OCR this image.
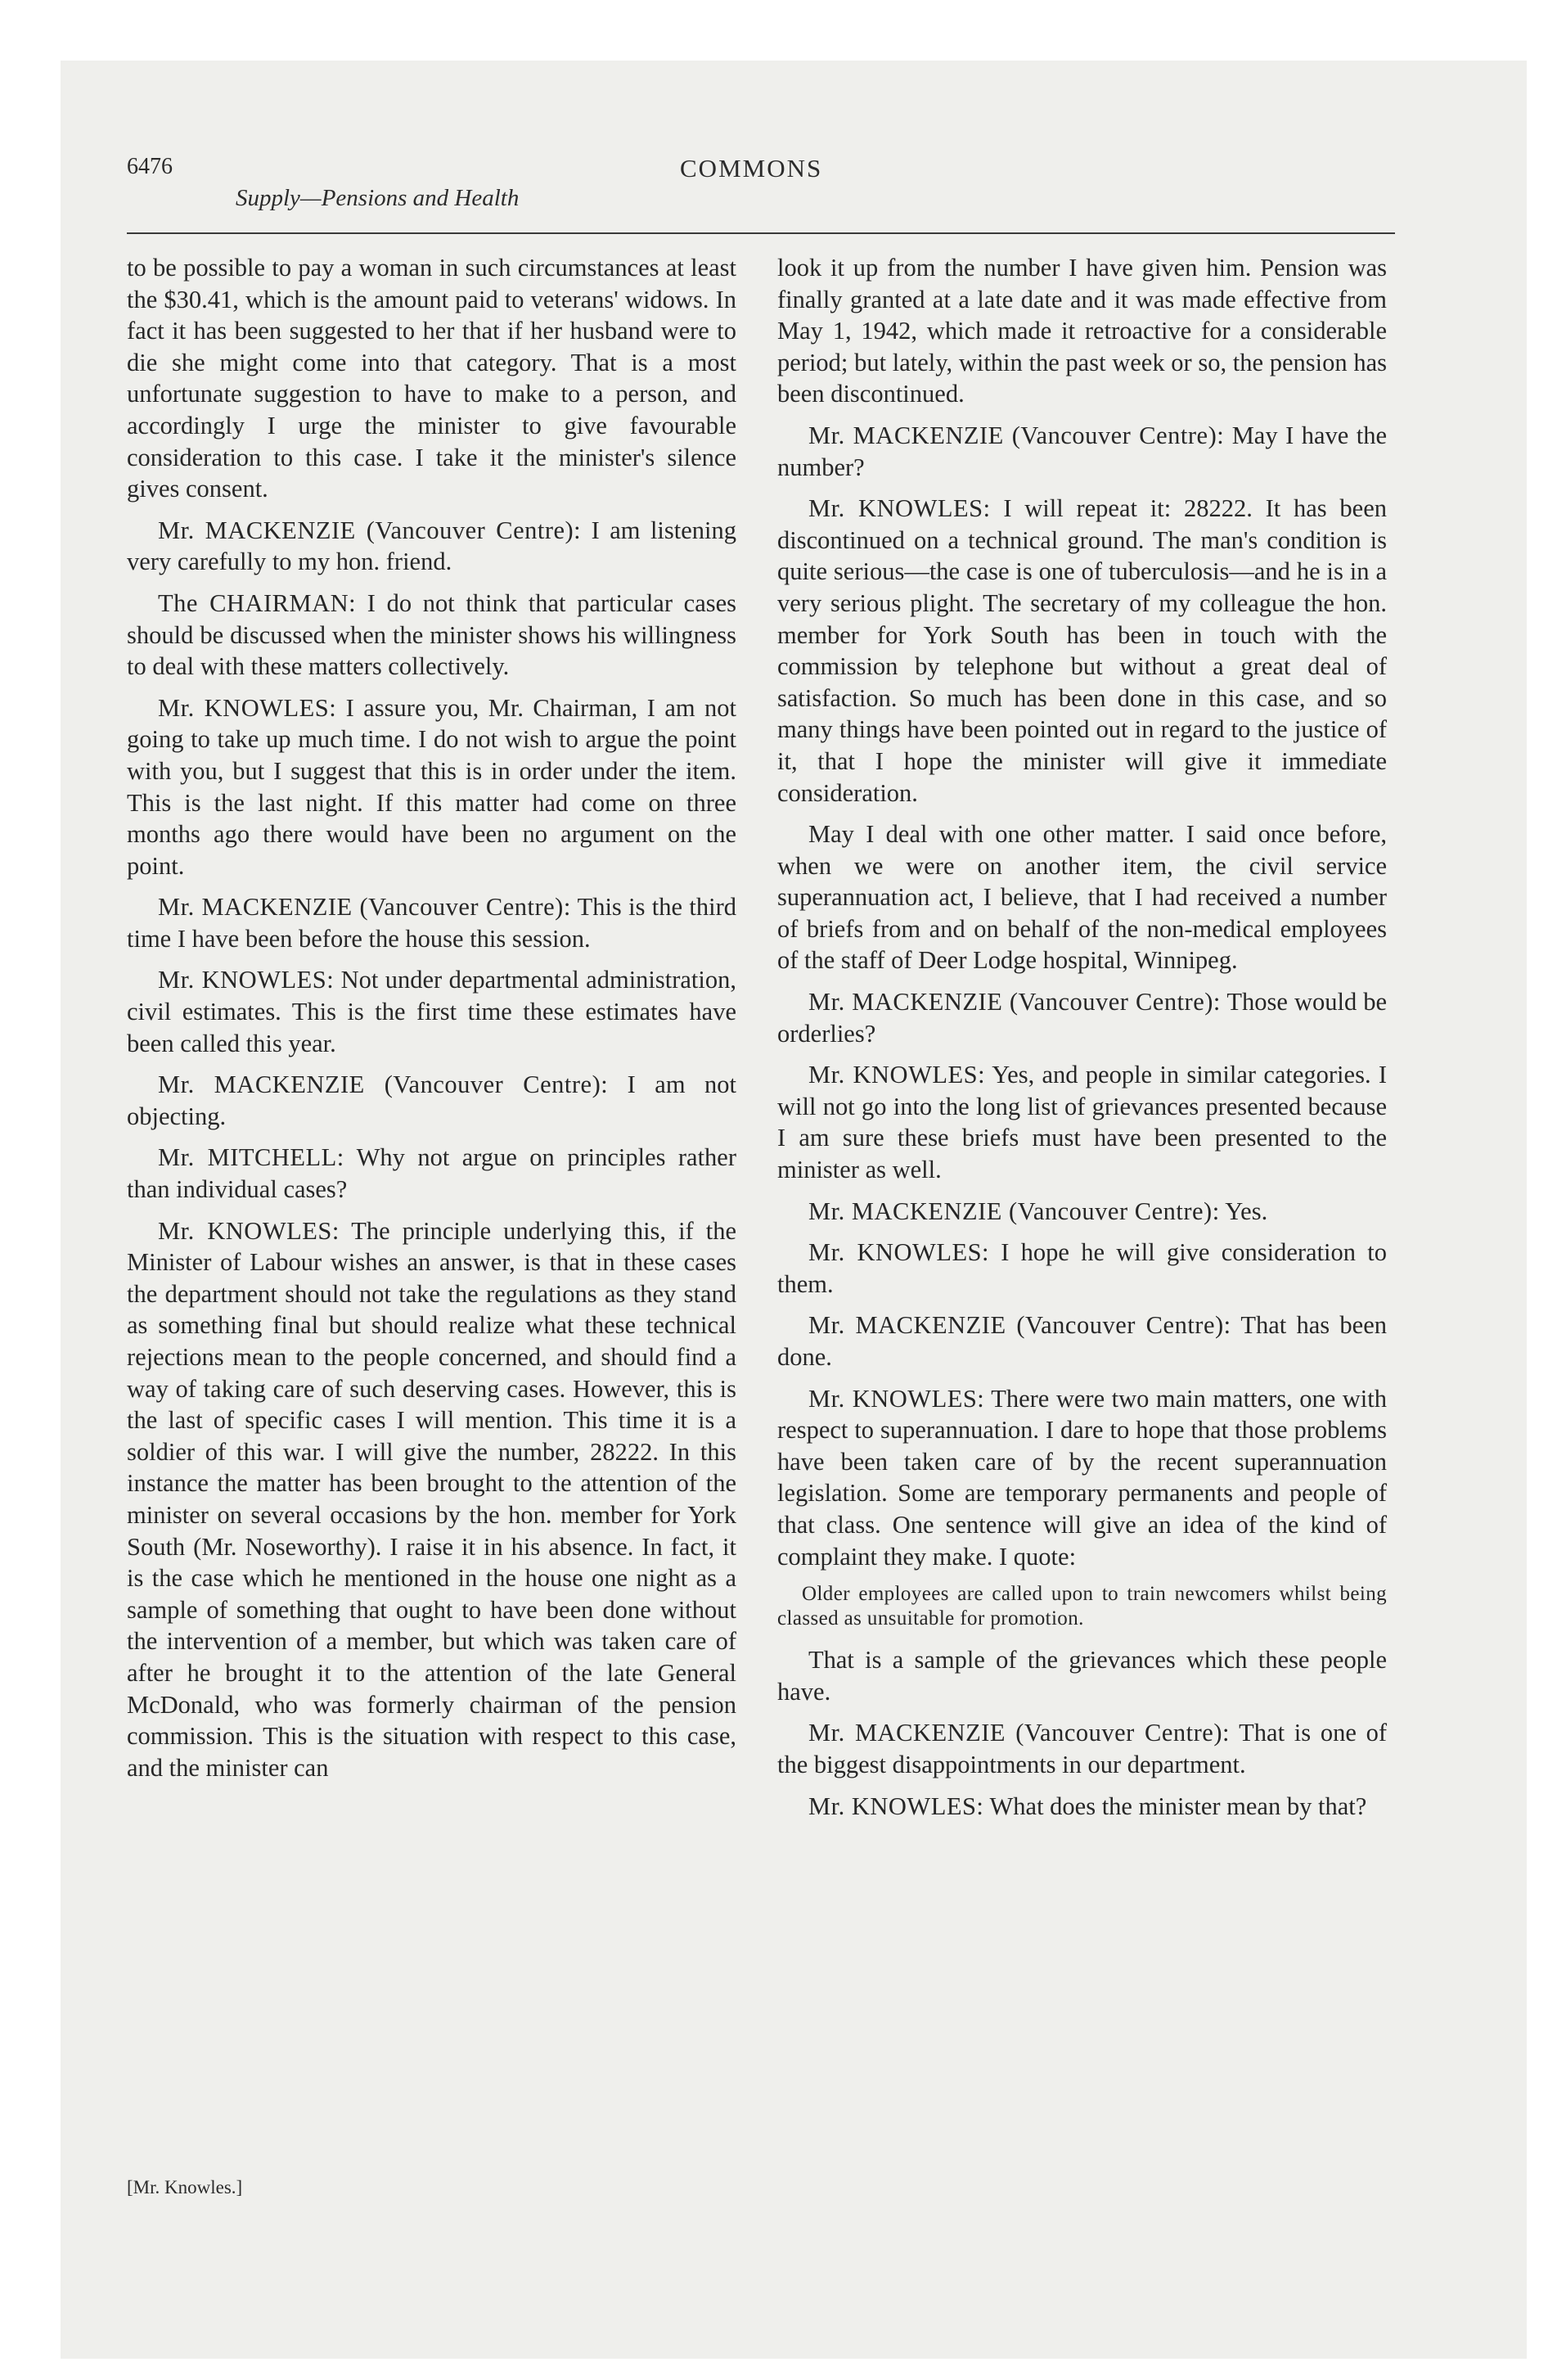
6476	COMMONS
Supply—Pensions and Health

to be possible to pay a woman in such circumstances at least the $30.41, which is the amount paid to veterans' widows. In fact it has been suggested to her that if her husband were to die she might come into that category. That is a most unfortunate suggestion to have to make to a person, and accordingly I urge the minister to give favourable consideration to this case. I take it the minister's silence gives consent.

Mr. MACKENZIE (Vancouver Centre): I am listening very carefully to my hon. friend.

The CHAIRMAN: I do not think that particular cases should be discussed when the minister shows his willingness to deal with these matters collectively.

Mr. KNOWLES: I assure you, Mr. Chairman, I am not going to take up much time. I do not wish to argue the point with you, but I suggest that this is in order under the item. This is the last night. If this matter had come on three months ago there would have been no argument on the point.

Mr. MACKENZIE (Vancouver Centre): This is the third time I have been before the house this session.

Mr. KNOWLES: Not under departmental administration, civil estimates. This is the first time these estimates have been called this year.

Mr. MACKENZIE (Vancouver Centre): I am not objecting.

Mr. MITCHELL: Why not argue on principles rather than individual cases?

Mr. KNOWLES: The principle underlying this, if the Minister of Labour wishes an answer, is that in these cases the department should not take the regulations as they stand as something final but should realize what these technical rejections mean to the people concerned, and should find a way of taking care of such deserving cases. However, this is the last of specific cases I will mention. This time it is a soldier of this war. I will give the number, 28222. In this instance the matter has been brought to the attention of the minister on several occasions by the hon. member for York South (Mr. Noseworthy). I raise it in his absence. In fact, it is the case which he mentioned in the house one night as a sample of something that ought to have been done without the intervention of a member, but which was taken care of after he brought it to the attention of the late General McDonald, who was formerly chairman of the pension commission. This is the situation with respect to this case, and the minister can

look it up from the number I have given him. Pension was finally granted at a late date and it was made effective from May 1, 1942, which made it retroactive for a considerable period; but lately, within the past week or so, the pension has been discontinued.

Mr. MACKENZIE (Vancouver Centre): May I have the number?

Mr. KNOWLES: I will repeat it: 28222. It has been discontinued on a technical ground. The man's condition is quite serious—the case is one of tuberculosis—and he is in a very serious plight. The secretary of my colleague the hon. member for York South has been in touch with the commission by telephone but without a great deal of satisfaction. So much has been done in this case, and so many things have been pointed out in regard to the justice of it, that I hope the minister will give it immediate consideration.

May I deal with one other matter. I said once before, when we were on another item, the civil service superannuation act, I believe, that I had received a number of briefs from and on behalf of the non-medical employees of the staff of Deer Lodge hospital, Winnipeg.

Mr. MACKENZIE (Vancouver Centre): Those would be orderlies?

Mr. KNOWLES: Yes, and people in similar categories. I will not go into the long list of grievances presented because I am sure these briefs must have been presented to the minister as well.

Mr. MACKENZIE (Vancouver Centre): Yes.

Mr. KNOWLES: I hope he will give consideration to them.

Mr. MACKENZIE (Vancouver Centre): That has been done.

Mr. KNOWLES: There were two main matters, one with respect to superannuation. I dare to hope that those problems have been taken care of by the recent superannuation legislation. Some are temporary permanents and people of that class. One sentence will give an idea of the kind of complaint they make. I quote:

Older employees are called upon to train newcomers whilst being classed as unsuitable for promotion.

That is a sample of the grievances which these people have.

Mr. MACKENZIE (Vancouver Centre): That is one of the biggest disappointments in our department.

Mr. KNOWLES: What does the minister mean by that?

[Mr. Knowles.]
